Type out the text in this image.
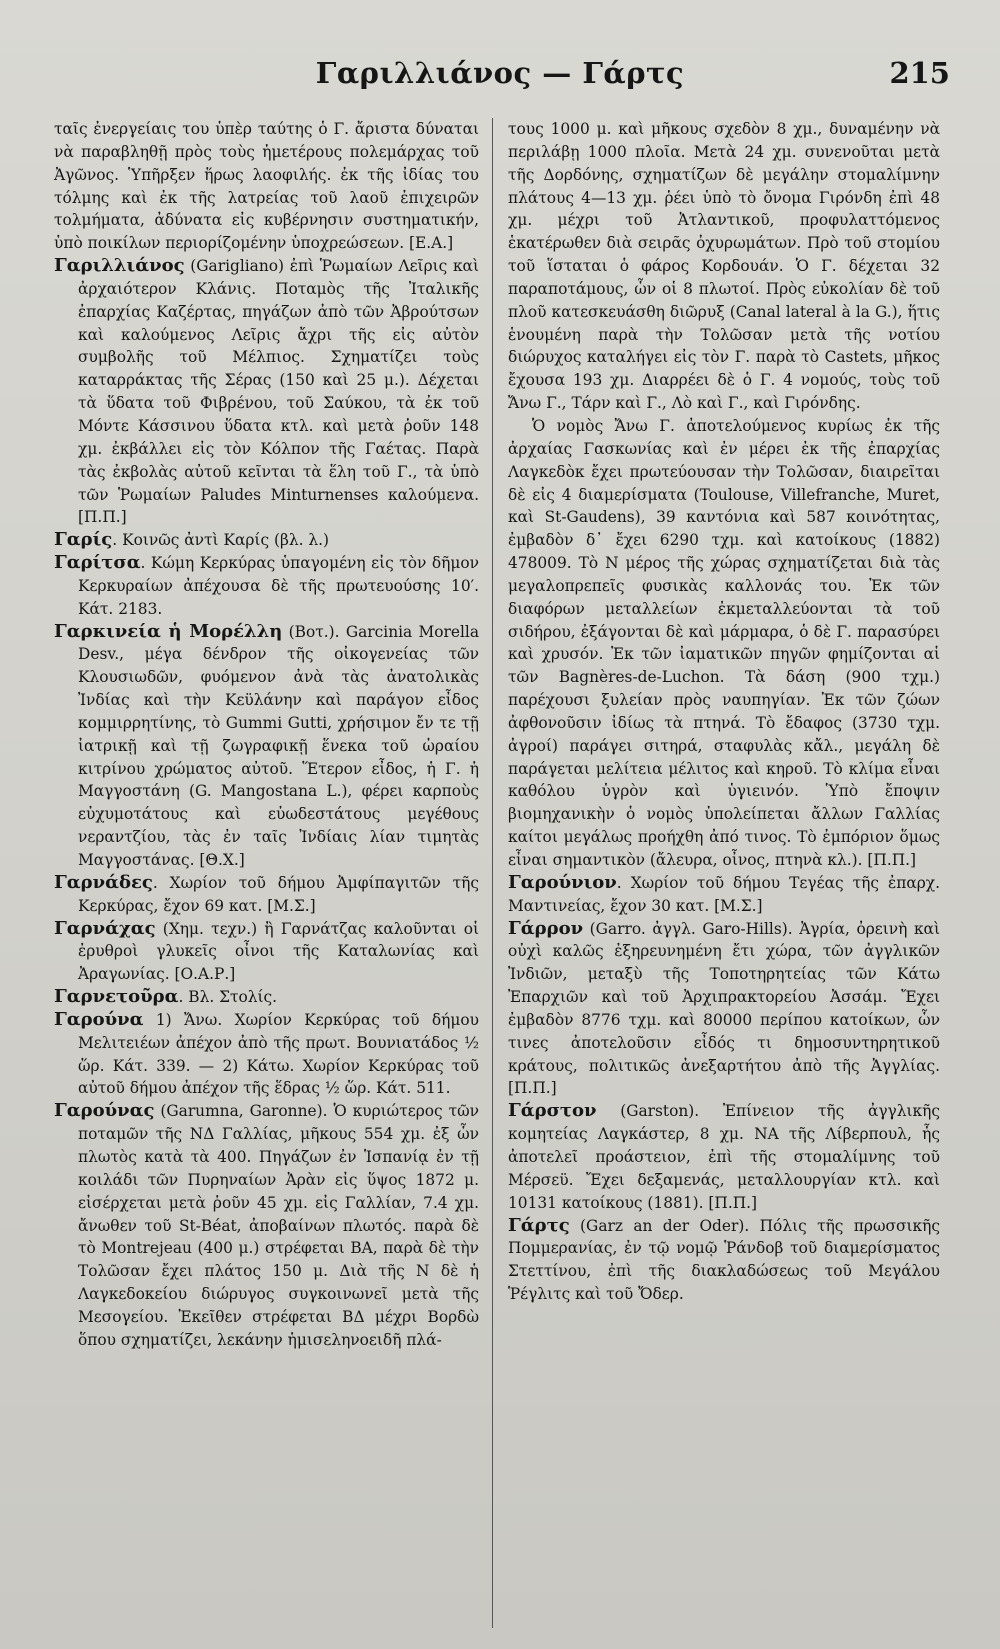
Γαριλλιάνος — Γάρτς	215

ταῖς ἐνεργείαις του ὑπὲρ ταύτης ὁ Γ. ἄριστα δύναται νὰ παραβληθῇ πρὸς τοὺς ἡμετέρους πολεμάρχας τοῦ Ἀγῶνος. Ὑπῆρξεν ἥρως λαοφιλής. ἐκ τῆς ἰδίας του τόλμης καὶ ἐκ τῆς λατρείας τοῦ λαοῦ ἐπιχειρῶν τολμήματα, ἀδύνατα εἰς κυβέρνησιν συστηματικήν, ὑπὸ ποικίλων περιορίζομένην ὑποχρεώσεων. [Ε.Α.]

Γαριλλιάνος (Garigliano) ἐπὶ Ῥωμαίων Λεῖρις καὶ ἀρχαιότερον Κλάνις. Ποταμὸς τῆς Ἰταλικῆς ἐπαρχίας Καζέρτας, πηγάζων ἀπὸ τῶν Ἀβρούτσων καὶ καλούμενος Λεῖρις ἄχρι τῆς εἰς αὐτὸν συμβολῆς τοῦ Μέλπιος. Σχηματίζει τοὺς καταρράκτας τῆς Σέρας (150 καὶ 25 μ.). Δέχεται τὰ ὕδατα τοῦ Φιβρένου, τοῦ Σαύκου, τὰ ἐκ τοῦ Μόντε Κάσσινου ὕδατα κτλ. καὶ μετὰ ῥοῦν 148 χμ. ἐκβάλλει εἰς τὸν Κόλπον τῆς Γαέτας. Παρὰ τὰς ἐκβολὰς αὐτοῦ κεῖνται τὰ ἕλη τοῦ Γ., τὰ ὑπὸ τῶν Ῥωμαίων Paludes Minturnenses καλούμενα. [Π.Π.]

Γαρίς. Κοινῶς ἀντὶ Καρίς (βλ. λ.)

Γαρίτσα. Κώμη Κερκύρας ὑπαγομένη εἰς τὸν δῆμον Κερκυραίων ἀπέχουσα δὲ τῆς πρωτευούσης 10′. Κάτ. 2183.

Γαρκινεία ἡ Μορέλλη (Βοτ.). Garcinia Morella Desv., μέγα δένδρον τῆς οἰκογενείας τῶν Κλουσιωδῶν, φυόμενον ἀνὰ τὰς ἀνατολικὰς Ἰνδίας καὶ τὴν Κεϋλάνην καὶ παράγον εἶδος κομμιρρητίνης, τὸ Gummi Gutti, χρήσιμον ἔν τε τῇ ἰατρικῇ καὶ τῇ ζωγραφικῇ ἕνεκα τοῦ ὡραίου κιτρίνου χρώματος αὐτοῦ. Ἕτερον εἶδος, ἡ Γ. ἡ Μαγγοστάνη (G. Mangostana L.), φέρει καρποὺς εὐχυμοτάτους καὶ εὐωδεστάτους μεγέθους νεραντζίου, τὰς ἐν ταῖς Ἰνδίαις λίαν τιμητὰς Μαγγοστάνας. [Θ.Χ.]

Γαρνάδες. Χωρίον τοῦ δήμου Ἀμφίπαγιτῶν τῆς Κερκύρας, ἔχον 69 κατ. [Μ.Σ.]

Γαρνάχας (Χημ. τεχν.) ἢ Γαρνάτζας καλοῦνται οἱ ἐρυθροὶ γλυκεῖς οἶνοι τῆς Καταλωνίας καὶ Ἀραγωνίας. [Ο.Α.Ρ.]

Γαρνετοῦρα. Βλ. Στολίς.

Γαρούνα 1) Ἄνω. Χωρίον Κερκύρας τοῦ δήμου Μελιτειέων ἀπέχον ἀπὸ τῆς πρωτ. Βουνιατάδος ½ ὥρ. Κάτ. 339. — 2) Κάτω. Χωρίον Κερκύρας τοῦ αὐτοῦ δήμου ἀπέχον τῆς ἕδρας ½ ὥρ. Κάτ. 511.

Γαρούνας (Garumna, Garonne). Ὁ κυριώτερος τῶν ποταμῶν τῆς ΝΔ Γαλλίας, μῆκους 554 χμ. ἐξ ὧν πλωτὸς κατὰ τὰ 400. Πηγάζων ἐν Ἱσπανίᾳ ἐν τῇ κοιλάδι τῶν Πυρηναίων Ἀρὰν εἰς ὕψος 1872 μ. εἰσέρχεται μετὰ ῥοῦν 45 χμ. εἰς Γαλλίαν, 7.4 χμ. ἄνωθεν τοῦ St-Béat, ἀποβαίνων πλωτός. παρὰ δὲ τὸ Montrejeau (400 μ.) στρέφεται ΒΑ, παρὰ δὲ τὴν Τολῶσαν ἔχει πλάτος 150 μ. Διὰ τῆς Ν δὲ ἡ Λαγκεδοκείου διώρυγος συγκοινωνεῖ μετὰ τῆς Μεσογείου. Ἐκεῖθεν στρέφεται ΒΔ μέχρι Βορδὼ ὅπου σχηματίζει, λεκάνην ἡμισεληνοειδῆ πλά-

τους 1000 μ. καὶ μῆκους σχεδὸν 8 χμ., δυναμένην νὰ περιλάβῃ 1000 πλοῖα. Μετὰ 24 χμ. συνενοῦται μετὰ τῆς Δορδόνης, σχηματίζων δὲ μεγάλην στομαλίμνην πλάτους 4—13 χμ. ῥέει ὑπὸ τὸ ὄνομα Γιρόνδη ἐπὶ 48 χμ. μέχρι τοῦ Ἀτλαντικοῦ, προφυλαττόμενος ἑκατέρωθεν διὰ σειρᾶς ὀχυρωμάτων. Πρὸ τοῦ στομίου τοῦ ἵσταται ὁ φάρος Κορδουάν. Ὁ Γ. δέχεται 32 παραποτάμους, ὧν οἱ 8 πλωτοί. Πρὸς εὐκολίαν δὲ τοῦ πλοῦ κατεσκευάσθη διῶρυξ (Canal lateral à la G.), ἥτις ἑνουμένη παρὰ τὴν Τολῶσαν μετὰ τῆς νοτίου διώρυχος καταλήγει εἰς τὸν Γ. παρὰ τὸ Castets, μῆκος ἔχουσα 193 χμ. Διαρρέει δὲ ὁ Γ. 4 νομούς, τοὺς τοῦ Ἄνω Γ., Τάρν καὶ Γ., Λὸ καὶ Γ., καὶ Γιρόνδης.

Ὁ νομὸς Ἄνω Γ. ἀποτελούμενος κυρίως ἐκ τῆς ἀρχαίας Γασκωνίας καὶ ἐν μέρει ἐκ τῆς ἐπαρχίας Λαγκεδὸκ ἔχει πρωτεύουσαν τὴν Τολῶσαν, διαιρεῖται δὲ εἰς 4 διαμερίσματα (Toulouse, Villefranche, Muret, καὶ St-Gaudens), 39 καντόνια καὶ 587 κοινότητας, ἐμβαδὸν δ᾽ ἔχει 6290 τχμ. καὶ κατοίκους (1882) 478009. Τὸ Ν μέρος τῆς χώρας σχηματίζεται διὰ τὰς μεγαλοπρεπεῖς φυσικὰς καλλονάς του. Ἐκ τῶν διαφόρων μεταλλείων ἐκμεταλλεύονται τὰ τοῦ σιδήρου, ἐξάγονται δὲ καὶ μάρμαρα, ὁ δὲ Γ. παρασύρει καὶ χρυσόν. Ἐκ τῶν ἰαματικῶν πηγῶν φημίζονται αἱ τῶν Bagnères-de-Luchon. Τὰ δάση (900 τχμ.) παρέχουσι ξυλείαν πρὸς ναυπηγίαν. Ἐκ τῶν ζώων ἀφθονοῦσιν ἰδίως τὰ πτηνά. Τὸ ἔδαφος (3730 τχμ. ἀγροί) παράγει σιτηρά, σταφυλὰς κἄλ., μεγάλη δὲ παράγεται μελίτεια μέλιτος καὶ κηροῦ. Τὸ κλίμα εἶναι καθόλου ὑγρὸν καὶ ὑγιεινόν. Ὑπὸ ἔποψιν βιομηχανικὴν ὁ νομὸς ὑπολείπεται ἄλλων Γαλλίας καίτοι μεγάλως προήχθη ἀπό τινος. Τὸ ἐμπόριον ὅμως εἶναι σημαντικὸν (ἄλευρα, οἶνος, πτηνὰ κλ.). [Π.Π.]

Γαρούνιον. Χωρίον τοῦ δήμου Τεγέας τῆς ἐπαρχ. Μαντινείας, ἔχον 30 κατ. [Μ.Σ.]

Γάρρον (Garro. ἀγγλ. Garo-Hills). Ἀγρία, ὀρεινὴ καὶ οὐχὶ καλῶς ἐξηρευνημένη ἔτι χώρα, τῶν ἀγγλικῶν Ἰνδιῶν, μεταξὺ τῆς Τοποτηρητείας τῶν Κάτω Ἐπαρχιῶν καὶ τοῦ Ἀρχιπρακτορείου Ἀσσάμ. Ἔχει ἐμβαδὸν 8776 τχμ. καὶ 80000 περίπου κατοίκων, ὧν τινες ἀποτελοῦσιν εἶδός τι δημοσυντηρητικοῦ κράτους, πολιτικῶς ἀνεξαρτήτου ἀπὸ τῆς Ἀγγλίας. [Π.Π.]

Γάρστον (Garston). Ἐπίνειον τῆς ἀγγλικῆς κομητείας Λαγκάστερ, 8 χμ. ΝΑ τῆς Λίβερπουλ, ἧς ἀποτελεῖ προάστειον, ἐπὶ τῆς στομαλίμνης τοῦ Μέρσεϋ. Ἔχει δεξαμενάς, μεταλλουργίαν κτλ. καὶ 10131 κατοίκους (1881). [Π.Π.]

Γάρτς (Garz an der Oder). Πόλις τῆς πρωσσικῆς Πομμερανίας, ἐν τῷ νομῷ Ῥάνδοβ τοῦ διαμερίσματος Στεττίνου, ἐπὶ τῆς διακλαδώσεως τοῦ Μεγάλου Ῥέγλιτς καὶ τοῦ Ὄδερ.
